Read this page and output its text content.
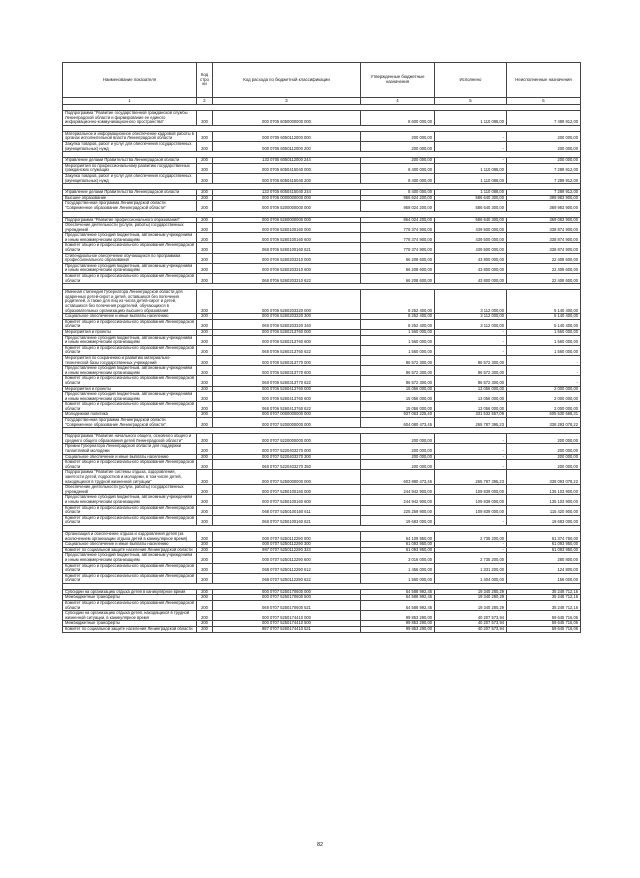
Наименование показателя	Код стро ки	Код расхода по бюджетной классификации	Утвержденные бюджетные назначения	Исполнено	Неисполненные назначения
1	2	3	4	5	6

Подпрограмма "Развитие государственной гражданской службы Ленинградской области и формирование ее единого информационно-коммуникационного пространства"	200	000 0705 6050000000 000	8 600 000,00	1 110 088,00	7 489 912,00

Материальное и информационное обеспечение кадровой работы в органах исполнительной власти Ленинградской области	200	000 0705 6050112000 000	200 000,00	-	200 000,00
Закупка товаров, работ и услуг для обеспечения государственных (муниципальных) нужд	200	000 0705 6050112000 200	200 000,00	-	200 000,00

Управление делами Правительства Ленинградской области	200	133 0705 6050112000 244	200 000,00	-	200 000,00
Мероприятия по профессиональному развитию государственных гражданских служащих	200	000 0705 6050415040 000	8 400 000,00	1 110 088,00	7 289 912,00
Закупка товаров, работ и услуг для обеспечения государственных (муниципальных) нужд	200	000 0705 6050415040 200	8 400 000,00	1 110 088,00	7 289 912,00

Управление делами Правительства Ленинградской области	200	133 0705 6050415040 244	8 400 000,00	1 110 088,00	7 289 912,00
Высшее образование	200	000 0706 0000000000 000	966 624 200,00	586 640 300,00	389 983 900,00
Государственная программа Ленинградской области "Современное образование Ленинградской области"	200	000 0706 5200000000 000	958 024 200,00	586 640 300,00	389 983 900,00

Подпрограмма "Развитие профессионального образования"	200	000 0706 5260000000 000	864 024 200,00	586 640 300,00	369 083 900,00
Обеспечение деятельности (услуги, работы) государственных учреждений	200	000 0706 5260100160 000	778 374 900,00	439 500 000,00	338 874 900,00
Предоставление субсидий бюджетным, автономным учреждениям и иным некоммерческим организациям	200	000 0706 5260100160 600	778 374 900,00	439 500 000,00	338 874 900,00
Комитет общего и профессионального образования Ленинградской области	200	068 0706 5260100160 621	778 374 900,00	439 500 000,00	338 874 900,00
Стипендиальное обеспечение обучающихся по программам профессионального образования	200	000 0706 5260203310 000	66 208 600,00	43 800 000,00	22 408 600,00
Предоставление субсидий бюджетным, автономным учреждениям и иным некоммерческим организациям	200	000 0706 5260203310 600	66 208 600,00	43 800 000,00	22 408 600,00
Комитет общего и профессионального образования Ленинградской области	200	068 0706 5260203310 622	66 208 600,00	43 800 000,00	22 408 600,00

Именная стипендия Губернатора Ленинградской области для одаренных детей-сирот и детей, оставшихся без попечения родителей, а также для лиц из числа детей-сирот и детей, оставшихся без попечения родителей, обучающихся в образовательных организациях высшего образования	200	000 0706 5260203320 000	8 252 400,00	3 112 000,00	5 140 400,00
Социальное обеспечение и иные выплаты населению	200	000 0706 5260203320 300	8 252 400,00	3 112 000,00	5 140 400,00
Комитет общего и профессионального образования Ленинградской области	200	068 0706 5260203320 340	8 252 400,00	3 112 000,00	5 140 400,00
Мероприятия и проекты	200	000 0706 5260213760 000	1 560 000,00	-	1 560 000,00
Предоставление субсидий бюджетным, автономным учреждениям и иным некоммерческим организациям	200	000 0706 5260213760 600	1 560 000,00	-	1 560 000,00
Комитет общего и профессионального образования Ленинградской области	200	068 0706 5260213760 622	1 560 000,00	-	1 560 000,00
Мероприятия по сохранению и развитию материально-технической базы государственных учреждений	200	000 0706 5260313770 000	86 572 300,00	86 572 300,00	-
Предоставление субсидий бюджетным, автономным учреждениям и иным некоммерческим организациям	200	000 0706 5260313770 600	86 572 300,00	86 572 300,00	-
Комитет общего и профессионального образования Ленинградской области	200	068 0706 5260313770 622	86 572 300,00	86 572 300,00	-
Мероприятия и проекты	200	000 0706 5260413760 000	15 056 000,00	13 056 000,00	2 000 000,00
Предоставление субсидий бюджетным, автономным учреждениям и иным некоммерческим организациям	200	000 0706 5260413760 600	15 056 000,00	13 056 000,00	2 000 000,00
Комитет общего и профессионального образования Ленинградской области	200	068 0706 5260413760 622	15 056 000,00	13 056 000,00	2 000 000,00
Молодежная политика	200	000 0707 0000000000 000	937 063 225,40	331 532 557,09	605 530 668,31
Государственная программа Ленинградской области "Современное образование Ленинградской области"	200	000 0707 5200000000 000	604 080 473,45	265 787 395,23	338 293 078,22

Подпрограмма "Развитие начального общего, основного общего и среднего общего образования детей Ленинградской области"	200	000 0707 5220000000 000	200 000,00	-	200 000,00
Премии Губернатора Ленинградской области для поддержки талантливой молодежи	200	000 0707 5220403270 000	200 000,00	-	200 000,00
Социальное обеспечение и иные выплаты населению	200	000 0707 5220403270 300	200 000,00	-	200 000,00
Комитет общего и профессионального образования Ленинградской области	200	068 0707 5220403270 350	200 000,00	-	200 000,00
Подпрограмма "Развитие системы отдыха, оздоровления, занятости детей, подростков и молодежи, в том числе детей, находящихся в трудной жизненной ситуации"	200	000 0707 5250000000 000	603 880 473,45	265 787 395,23	338 093 078,22
Обеспечение деятельности (услуги, работы) государственных учреждений	200	000 0707 5250100160 000	244 942 900,00	109 839 000,00	135 103 900,00
Предоставление субсидий бюджетным, автономным учреждениям и иным некоммерческим организациям	200	000 0707 5250100160 600	244 942 900,00	109 839 000,00	135 103 900,00
Комитет общего и профессионального образования Ленинградской области	200	068 0707 5250100160 611	225 259 900,00	109 839 000,00	115 420 900,00
Комитет общего и профессионального образования Ленинградской области	200	068 0707 5250100160 621	19 683 000,00	-	19 683 000,00

Организация и обеспечение отдыха и оздоровления детей (за исключением организации отдыха детей в каникулярное время)	200	000 0707 5250112290 000	64 109 950,00	2 735 200,00	61 374 750,00
Социальное обеспечение и иные выплаты населению	200	000 0707 5250112290 300	61 093 950,00	-	61 093 950,00
Комитет по социальной защите населения Ленинградской области	200	987 0707 5250112290 323	61 093 950,00	-	61 093 950,00
Предоставление субсидий бюджетным, автономным учреждениям и иным некоммерческим организациям	200	000 0707 5250112290 600	3 016 000,00	2 735 200,00	280 800,00
Комитет общего и профессионального образования Ленинградской области	200	068 0707 5250112290 612	1 456 000,00	1 331 200,00	124 800,00
Комитет общего и профессионального образования Ленинградской области	200	068 0707 5250112290 622	1 560 000,00	1 404 000,00	156 000,00

Субсидии на организацию отдыха детей в каникулярное время	200	000 0707 5250170600 000	54 588 992,45	19 340 280,29	35 248 712,16
Межбюджетные трансферты	200	000 0707 5250170600 500	54 588 992,45	19 340 280,29	35 248 712,16
Комитет общего и профессионального образования Ленинградской области	200	068 0707 5250170600 521	54 588 992,45	19 340 280,29	35 248 712,16
Субсидии на организацию отдыха детей, находящихся в трудной жизненной ситуации, в каникулярное время	200	000 0707 5250174410 000	99 853 290,00	40 207 573,94	59 645 716,06
Межбюджетные трансферты	200	000 0707 5250174410 500	99 853 290,00	40 207 573,94	59 645 716,06
Комитет по социальной защите населения Ленинградской области	200	987 0707 5250174410 521	99 853 290,00	40 207 573,94	59 645 716,06
82
